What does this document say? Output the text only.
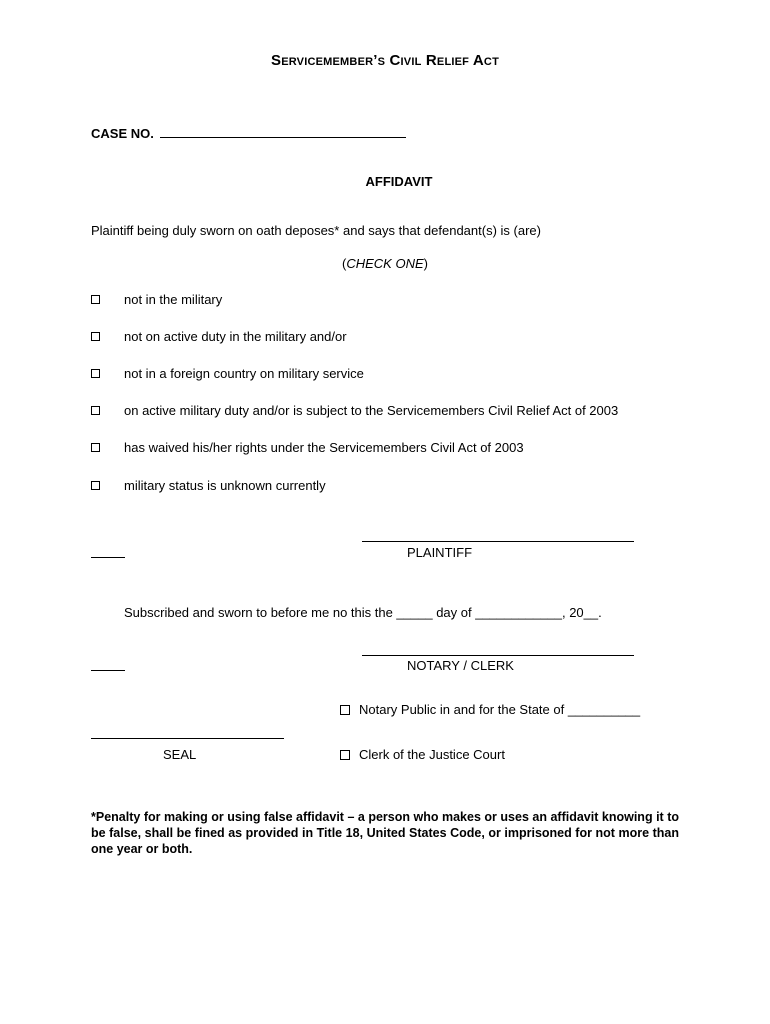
Servicemember’s Civil Relief Act
CASE NO.
AFFIDAVIT
Plaintiff being duly sworn on oath deposes* and says that defendant(s) is (are)
(CHECK ONE)
not in the military
not on active duty in the military and/or
not in a foreign country on military service
on active military duty and/or is subject to the Servicemembers Civil Relief Act of 2003
has waived his/her rights under the Servicemembers Civil Act of 2003
military status is unknown currently
PLAINTIFF
Subscribed and sworn to before me no this the _____ day of ____________, 20__.
NOTARY / CLERK
Notary Public in and for the State of __________
Clerk of the Justice Court
SEAL
*Penalty for making or using false affidavit – a person who makes or uses an affidavit knowing it to be false, shall be fined as provided in Title 18, United States Code, or imprisoned for not more than one year or both.
